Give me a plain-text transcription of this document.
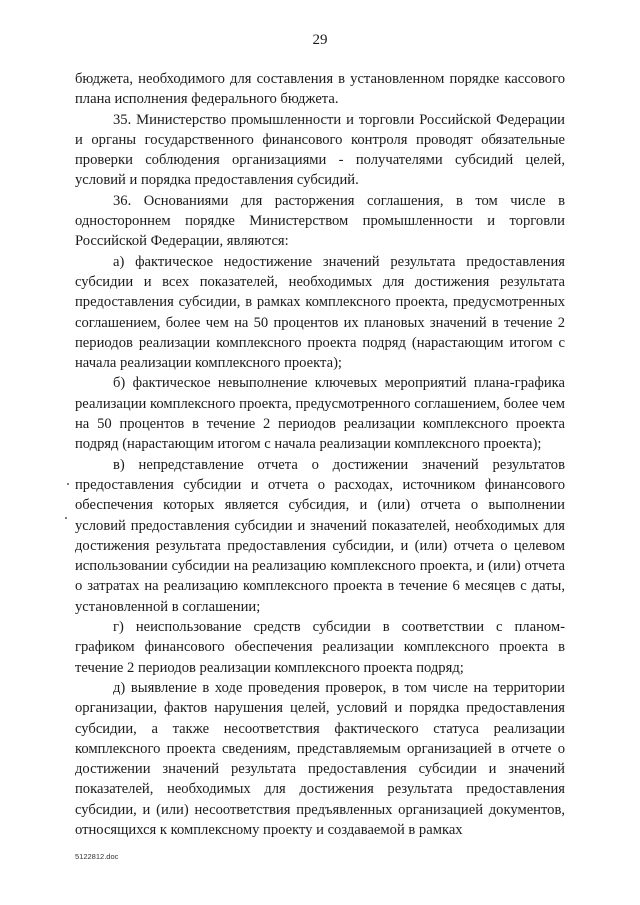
29

бюджета, необходимого для составления в установленном порядке кассового плана исполнения федерального бюджета.

35. Министерство промышленности и торговли Российской Федерации и органы государственного финансового контроля проводят обязательные проверки соблюдения организациями - получателями субсидий целей, условий и порядка предоставления субсидий.

36. Основаниями для расторжения соглашения, в том числе в одностороннем порядке Министерством промышленности и торговли Российской Федерации, являются:

а) фактическое недостижение значений результата предоставления субсидии и всех показателей, необходимых для достижения результата предоставления субсидии, в рамках комплексного проекта, предусмотренных соглашением, более чем на 50 процентов их плановых значений в течение 2 периодов реализации комплексного проекта подряд (нарастающим итогом с начала реализации комплексного проекта);

б) фактическое невыполнение ключевых мероприятий плана-графика реализации комплексного проекта, предусмотренного соглашением, более чем на 50 процентов в течение 2 периодов реализации комплексного проекта подряд (нарастающим итогом с начала реализации комплексного проекта);

в) непредставление отчета о достижении значений результатов предоставления субсидии и отчета о расходах, источником финансового обеспечения которых является субсидия, и (или) отчета о выполнении условий предоставления субсидии и значений показателей, необходимых для достижения результата предоставления субсидии, и (или) отчета о целевом использовании субсидии на реализацию комплексного проекта, и (или) отчета о затратах на реализацию комплексного проекта в течение 6 месяцев с даты, установленной в соглашении;

г) неиспользование средств субсидии в соответствии с планом-графиком финансового обеспечения реализации комплексного проекта в течение 2 периодов реализации комплексного проекта подряд;

д) выявление в ходе проведения проверок, в том числе на территории организации, фактов нарушения целей, условий и порядка предоставления субсидии, а также несоответствия фактического статуса реализации комплексного проекта сведениям, представляемым организацией в отчете о достижении значений результата предоставления субсидии и значений показателей, необходимых для достижения результата предоставления субсидии, и (или) несоответствия предъявленных организацией документов, относящихся к комплексному проекту и создаваемой в рамках

5122812.doc
